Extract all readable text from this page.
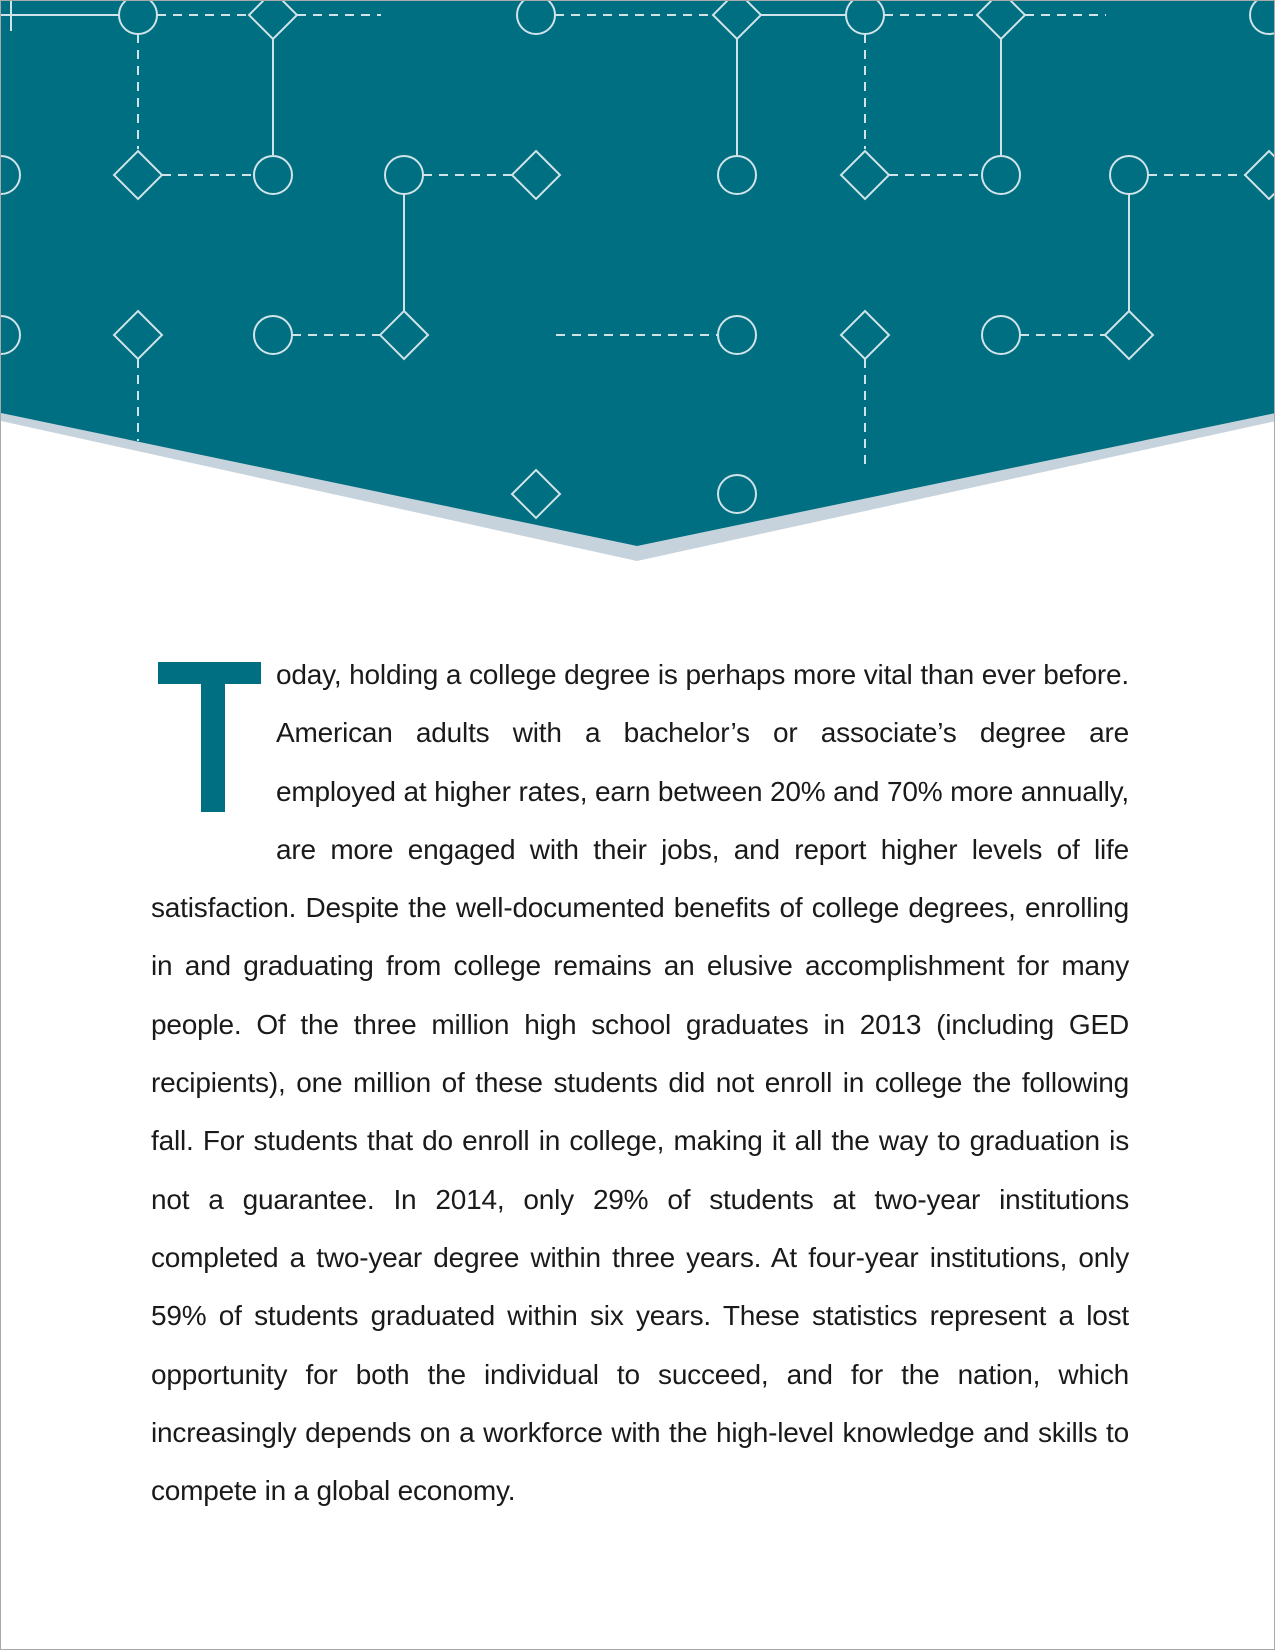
oday, holding a college degree is perhaps more vital than ever before. American adults with a bachelor’s or associate’s degree are employed at higher rates, earn between 20% and 70% more annually, are more engaged with their jobs, and report higher levels of life satisfaction. Despite the well-documented benefits of college degrees, enrolling in and graduating from college remains an elusive accomplishment for many people. Of the three million high school graduates in 2013 (including GED recipients), one million of these students did not enroll in college the following fall. For students that do enroll in college, making it all the way to graduation is not a guarantee. In 2014, only 29% of students at two-year institutions completed a two-year degree within three years. At four-year institutions, only 59% of students graduated within six years. These statistics represent a lost opportunity for both the individual to succeed, and for the nation, which increasingly depends on a workforce with the high-level knowledge and skills to compete in a global economy.
